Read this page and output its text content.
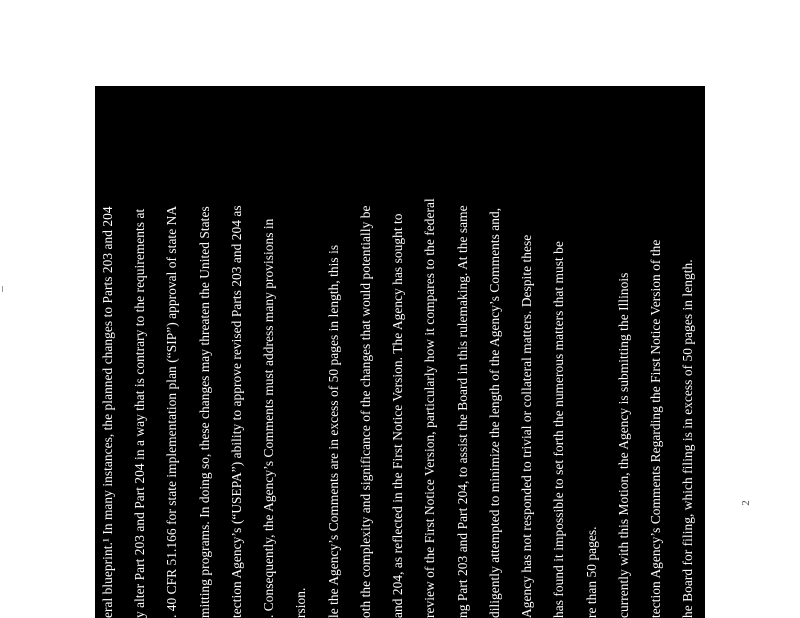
eral blueprint.¹ In many instances, the planned changes to Parts 203 and 204 y alter Part 203 and Part 204 in a way that is contrary to the requirements at . 40 CFR 51.166 for state implementation plan (“SIP”) approval of state NA mitting programs. In doing so, these changes may threaten the United States tection Agency’s (“USEPA”) ability to approve revised Parts 203 and 204 as . Consequently, the Agency’s Comments must address many provisions in rsion. le the Agency’s Comments are in excess of 50 pages in length, this is oth the complexity and significance of the changes that would potentially be and 204, as reflected in the First Notice Version. The Agency has sought to review of the First Notice Version, particularly how it compares to the federal ng Part 203 and Part 204, to assist the Board in this rulemaking. At the same diligently attempted to minimize the length of the Agency’s Comments and, Agency has not responded to trivial or collateral matters. Despite these has found it impossible to set forth the numerous matters that must be re than 50 pages. currently with this Motion, the Agency is submitting the Illinois tection Agency’s Comments Regarding the First Notice Version of the he Board for filing, which filing is in excess of 50 pages in length.	2
